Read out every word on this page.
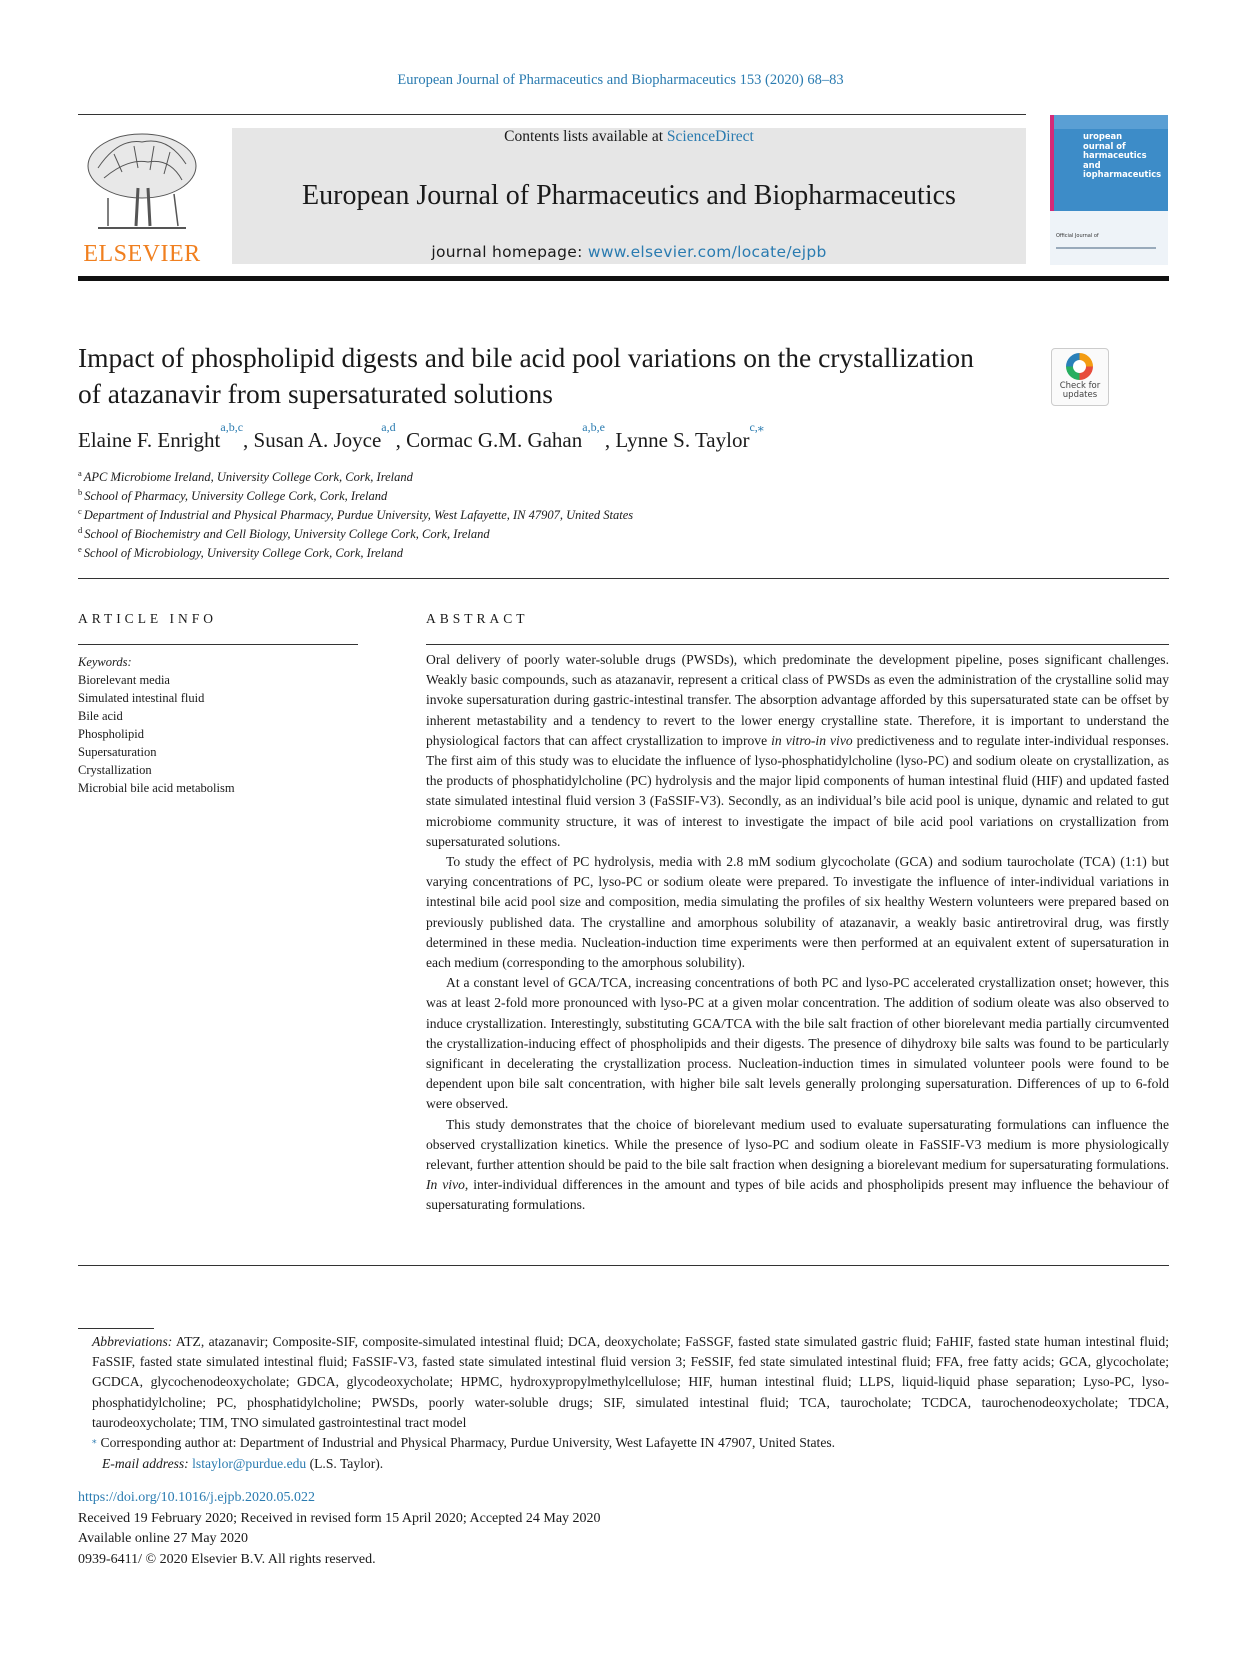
European Journal of Pharmaceutics and Biopharmaceutics 153 (2020) 68–83
ELSEVIER
Contents lists available at ScienceDirect
European Journal of Pharmaceutics and Biopharmaceutics
journal homepage: www.elsevier.com/locate/ejpb
uropean
ournal of
harmaceutics and
iopharmaceutics
Official Journal of
Impact of phospholipid digests and bile acid pool variations on the crystallization of atazanavir from supersaturated solutions	Check for updates
Elaine F. Enright$^{a,b,c}$, Susan A. Joyce$^{a,d}$, Cormac G.M. Gahan$^{a,b,e}$, Lynne S. Taylor$^{c,⁎}$
$^a$ APC Microbiome Ireland, University College Cork, Cork, Ireland
$^b$ School of Pharmacy, University College Cork, Cork, Ireland
$^c$ Department of Industrial and Physical Pharmacy, Purdue University, West Lafayette, IN 47907, United States
$^d$ School of Biochemistry and Cell Biology, University College Cork, Cork, Ireland
$^e$ School of Microbiology, University College Cork, Cork, Ireland
ARTICLE INFO
Keywords:
Biorelevant media
Simulated intestinal fluid
Bile acid
Phospholipid
Supersaturation
Crystallization
Microbial bile acid metabolism
ABSTRACT

Oral delivery of poorly water-soluble drugs (PWSDs), which predominate the development pipeline, poses significant challenges. Weakly basic compounds, such as atazanavir, represent a critical class of PWSDs as even the administration of the crystalline solid may invoke supersaturation during gastric-intestinal transfer. The absorption advantage afforded by this supersaturated state can be offset by inherent metastability and a tendency to revert to the lower energy crystalline state. Therefore, it is important to understand the physiological factors that can affect crystallization to improve in vitro-in vivo predictiveness and to regulate inter-individual responses. The first aim of this study was to elucidate the influence of lyso-phosphatidylcholine (lyso-PC) and sodium oleate on crystallization, as the products of phosphatidylcholine (PC) hydrolysis and the major lipid components of human intestinal fluid (HIF) and updated fasted state simulated intestinal fluid version 3 (FaSSIF-V3). Secondly, as an individual’s bile acid pool is unique, dynamic and related to gut microbiome community structure, it was of interest to investigate the impact of bile acid pool variations on crystallization from supersaturated solutions.

To study the effect of PC hydrolysis, media with 2.8 mM sodium glycocholate (GCA) and sodium taurocholate (TCA) (1:1) but varying concentrations of PC, lyso-PC or sodium oleate were prepared. To investigate the influence of inter-individual variations in intestinal bile acid pool size and composition, media simulating the profiles of six healthy Western volunteers were prepared based on previously published data. The crystalline and amorphous solubility of atazanavir, a weakly basic antiretroviral drug, was firstly determined in these media. Nucleation-induction time experiments were then performed at an equivalent extent of supersaturation in each medium (corresponding to the amorphous solubility).

At a constant level of GCA/TCA, increasing concentrations of both PC and lyso-PC accelerated crystallization onset; however, this was at least 2-fold more pronounced with lyso-PC at a given molar concentration. The addition of sodium oleate was also observed to induce crystallization. Interestingly, substituting GCA/TCA with the bile salt fraction of other biorelevant media partially circumvented the crystallization-inducing effect of phospholipids and their digests. The presence of dihydroxy bile salts was found to be particularly significant in decelerating the crystallization process. Nucleation-induction times in simulated volunteer pools were found to be dependent upon bile salt concentration, with higher bile salt levels generally prolonging supersaturation. Differences of up to 6-fold were observed.

This study demonstrates that the choice of biorelevant medium used to evaluate supersaturating formulations can influence the observed crystallization kinetics. While the presence of lyso-PC and sodium oleate in FaSSIF-V3 medium is more physiologically relevant, further attention should be paid to the bile salt fraction when designing a biorelevant medium for supersaturating formulations. In vivo, inter-individual differences in the amount and types of bile acids and phospholipids present may influence the behaviour of supersaturating formulations.

Abbreviations: ATZ, atazanavir; Composite-SIF, composite-simulated intestinal fluid; DCA, deoxycholate; FaSSGF, fasted state simulated gastric fluid; FaHIF, fasted state human intestinal fluid; FaSSIF, fasted state simulated intestinal fluid; FaSSIF-V3, fasted state simulated intestinal fluid version 3; FeSSIF, fed state simulated intestinal fluid; FFA, free fatty acids; GCA, glycocholate; GCDCA, glycochenodeoxycholate; GDCA, glycodeoxycholate; HPMC, hydroxypropylmethylcellulose; HIF, human intestinal fluid; LLPS, liquid-liquid phase separation; Lyso-PC, lyso-phosphatidylcholine; PC, phosphatidylcholine; PWSDs, poorly water-soluble drugs; SIF, simulated intestinal fluid; TCA, taurocholate; TCDCA, taurochenodeoxycholate; TDCA, taurodeoxycholate; TIM, TNO simulated gastrointestinal tract model

⁎ Corresponding author at: Department of Industrial and Physical Pharmacy, Purdue University, West Lafayette IN 47907, United States.

E-mail address: lstaylor@purdue.edu (L.S. Taylor).

https://doi.org/10.1016/j.ejpb.2020.05.022
Received 19 February 2020; Received in revised form 15 April 2020; Accepted 24 May 2020
Available online 27 May 2020
0939-6411/ © 2020 Elsevier B.V. All rights reserved.
